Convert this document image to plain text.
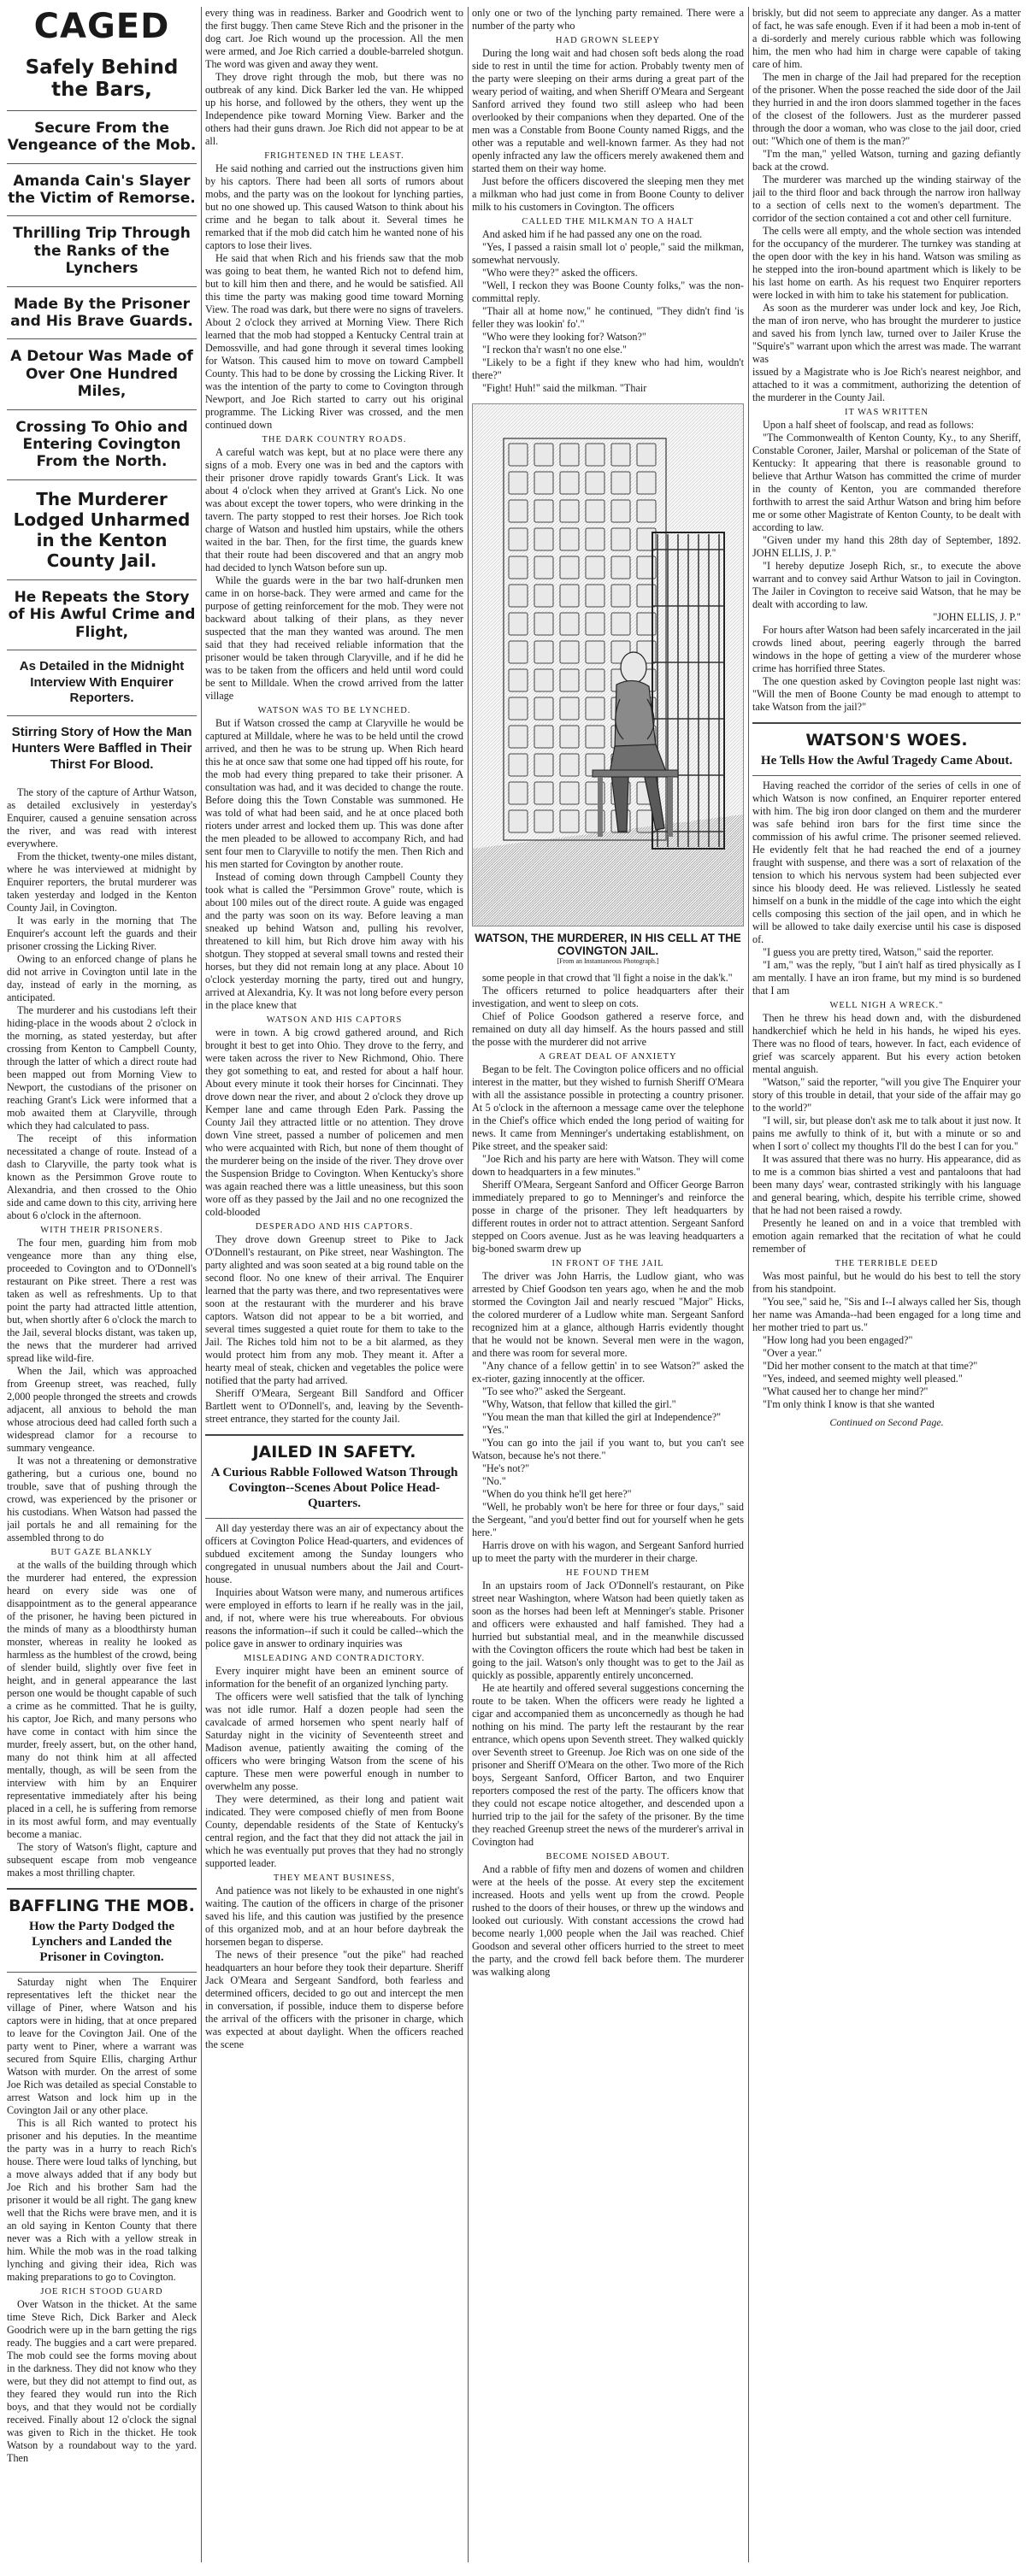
CAGED
Safely Behind the Bars,
Secure From the Vengeance of the Mob.
Amanda Cain's Slayer the Victim of Remorse.
Thrilling Trip Through the Ranks of the Lynchers
Made By the Prisoner and His Brave Guards.
A Detour Was Made of Over One Hundred Miles,
Crossing To Ohio and Entering Covington From the North.
The Murderer Lodged Unharmed in the Kenton County Jail.
He Repeats the Story of His Awful Crime and Flight,
As Detailed in the Midnight Interview With Enquirer Reporters.
Stirring Story of How the Man Hunters Were Baffled in Their Thirst For Blood.

The story of the capture of Arthur Watson, as detailed exclusively in yesterday's Enquirer, caused a genuine sensation across the river, and was read with interest everywhere.

From the thicket, twenty-one miles distant, where he was interviewed at midnight by Enquirer reporters, the brutal murderer was taken yesterday and lodged in the Kenton County Jail, in Covington.

It was early in the morning that The Enquirer's account left the guards and their prisoner crossing the Licking River.

Owing to an enforced change of plans he did not arrive in Covington until late in the day, instead of early in the morning, as anticipated.

The murderer and his custodians left their hiding-place in the woods about 2 o'clock in the morning, as stated yesterday, but after crossing from Kenton to Campbell County, through the latter of which a direct route had been mapped out from Morning View to Newport, the custodians of the prisoner on reaching Grant's Lick were informed that a mob awaited them at Claryville, through which they had calculated to pass.

The receipt of this information necessitated a change of route. Instead of a dash to Claryville, the party took what is known as the Persimmon Grove route to Alexandria, and then crossed to the Ohio side and came down to this city, arriving here about 6 o'clock in the afternoon.

WITH THEIR PRISONERS.

The four men, guarding him from mob vengeance more than any thing else, proceeded to Covington and to O'Donnell's restaurant on Pike street. There a rest was taken as well as refreshments. Up to that point the party had attracted little attention, but, when shortly after 6 o'clock the march to the Jail, several blocks distant, was taken up, the news that the murderer had arrived spread like wild-fire.

When the Jail, which was approached from Greenup street, was reached, fully 2,000 people thronged the streets and crowds adjacent, all anxious to behold the man whose atrocious deed had called forth such a widespread clamor for a recourse to summary vengeance.

It was not a threatening or demonstrative gathering, but a curious one, bound no trouble, save that of pushing through the crowd, was experienced by the prisoner or his custodians. When Watson had passed the jail portals he and all remaining for the assembled throng to do

BUT GAZE BLANKLY

at the walls of the building through which the murderer had entered, the expression heard on every side was one of disappointment as to the general appearance of the prisoner, he having been pictured in the minds of many as a bloodthirsty human monster, whereas in reality he looked as harmless as the humblest of the crowd, being of slender build, slightly over five feet in height, and in general appearance the last person one would be thought capable of such a crime as he committed. That he is guilty, his captor, Joe Rich, and many persons who have come in contact with him since the murder, freely assert, but, on the other hand, many do not think him at all affected mentally, though, as will be seen from the interview with him by an Enquirer representative immediately after his being placed in a cell, he is suffering from remorse in its most awful form, and may eventually become a maniac.

The story of Watson's flight, capture and subsequent escape from mob vengeance makes a most thrilling chapter.

BAFFLING THE MOB.
How the Party Dodged the Lynchers and Landed the Prisoner in Covington.

Saturday night when The Enquirer representatives left the thicket near the village of Piner, where Watson and his captors were in hiding, that at once prepared to leave for the Covington Jail. One of the party went to Piner, where a warrant was secured from Squire Ellis, charging Arthur Watson with murder. On the arrest of some Joe Rich was detailed as special Constable to arrest Watson and lock him up in the Covington Jail or any other place.

This is all Rich wanted to protect his prisoner and his deputies. In the meantime the party was in a hurry to reach Rich's house. There were loud talks of lynching, but a move always added that if any body but Joe Rich and his brother Sam had the prisoner it would be all right. The gang knew well that the Richs were brave men, and it is an old saying in Kenton County that there never was a Rich with a yellow streak in him. While the mob was in the road talking lynching and giving their idea, Rich was making preparations to go to Covington.

JOE RICH STOOD GUARD

Over Watson in the thicket. At the same time Steve Rich, Dick Barker and Aleck Goodrich were up in the barn getting the rigs ready. The buggies and a cart were prepared. The mob could see the forms moving about in the darkness. They did not know who they were, but they did not attempt to find out, as they feared they would run into the Rich boys, and that they would not be cordially received. Finally about 12 o'clock the signal was given to Rich in the thicket. He took Watson by a roundabout way to the yard. Then

every thing was in readiness. Barker and Goodrich went to the first buggy. Then came Steve Rich and the prisoner in the dog cart. Joe Rich wound up the procession. All the men were armed, and Joe Rich carried a double-barreled shotgun. The word was given and away they went.

They drove right through the mob, but there was no outbreak of any kind. Dick Barker led the van. He whipped up his horse, and followed by the others, they went up the Independence pike toward Morning View. Barker and the others had their guns drawn. Joe Rich did not appear to be at all.

FRIGHTENED IN THE LEAST.

He said nothing and carried out the instructions given him by his captors. There had been all sorts of rumors about mobs, and the party was on the lookout for lynching parties, but no one showed up. This caused Watson to think about his crime and he began to talk about it. Several times he remarked that if the mob did catch him he wanted none of his captors to lose their lives.

He said that when Rich and his friends saw that the mob was going to beat them, he wanted Rich not to defend him, but to kill him then and there, and he would be satisfied. All this time the party was making good time toward Morning View. The road was dark, but there were no signs of travelers. About 2 o'clock they arrived at Morning View. There Rich learned that the mob had stopped a Kentucky Central train at Demossville, and had gone through it several times looking for Watson. This caused him to move on toward Campbell County. This had to be done by crossing the Licking River. It was the intention of the party to come to Covington through Newport, and Joe Rich started to carry out his original programme. The Licking River was crossed, and the men continued down

THE DARK COUNTRY ROADS.

A careful watch was kept, but at no place were there any signs of a mob. Every one was in bed and the captors with their prisoner drove rapidly towards Grant's Lick. It was about 4 o'clock when they arrived at Grant's Lick. No one was about except the tower topers, who were drinking in the tavern. The party stopped to rest their horses. Joe Rich took charge of Watson and hustled him upstairs, while the others waited in the bar. Then, for the first time, the guards knew that their route had been discovered and that an angry mob had decided to lynch Watson before sun up.

While the guards were in the bar two half-drunken men came in on horse-back. They were armed and came for the purpose of getting reinforcement for the mob. They were not backward about talking of their plans, as they never suspected that the man they wanted was around. The men said that they had received reliable information that the prisoner would be taken through Claryville, and if he did he was to be taken from the officers and held until word could be sent to Milldale. When the crowd arrived from the latter village

WATSON WAS TO BE LYNCHED.

But if Watson crossed the camp at Claryville he would be captured at Milldale, where he was to be held until the crowd arrived, and then he was to be strung up. When Rich heard this he at once saw that some one had tipped off his route, for the mob had every thing prepared to take their prisoner. A consultation was had, and it was decided to change the route. Before doing this the Town Constable was summoned. He was told of what had been said, and he at once placed both rioters under arrest and locked them up. This was done after the men pleaded to be allowed to accompany Rich, and had sent four men to Claryville to notify the men. Then Rich and his men started for Covington by another route.

Instead of coming down through Campbell County they took what is called the "Persimmon Grove" route, which is about 100 miles out of the direct route. A guide was engaged and the party was soon on its way. Before leaving a man sneaked up behind Watson and, pulling his revolver, threatened to kill him, but Rich drove him away with his shotgun. They stopped at several small towns and rested their horses, but they did not remain long at any place. About 10 o'clock yesterday morning the party, tired out and hungry, arrived at Alexandria, Ky. It was not long before every person in the place knew that

WATSON AND HIS CAPTORS

were in town. A big crowd gathered around, and Rich brought it best to get into Ohio. They drove to the ferry, and were taken across the river to New Richmond, Ohio. There they got something to eat, and rested for about a half hour. About every minute it took their horses for Cincinnati. They drove down near the river, and about 2 o'clock they drove up Kemper lane and came through Eden Park. Passing the County Jail they attracted little or no attention. They drove down Vine street, passed a number of policemen and men who were acquainted with Rich, but none of them thought of the murderer being on the inside of the river. They drove over the Suspension Bridge to Covington. When Kentucky's shore was again reached there was a little uneasiness, but this soon wore off as they passed by the Jail and no one recognized the cold-blooded

DESPERADO AND HIS CAPTORS.

They drove down Greenup street to Pike to Jack O'Donnell's restaurant, on Pike street, near Washington. The party alighted and was soon seated at a big round table on the second floor. No one knew of their arrival. The Enquirer learned that the party was there, and two representatives were soon at the restaurant with the murderer and his brave captors. Watson did not appear to be a bit worried, and several times suggested a quiet route for them to take to the Jail. The Riches told him not to be a bit alarmed, as they would protect him from any mob. They meant it. After a hearty meal of steak, chicken and vegetables the police were notified that the party had arrived.

Sheriff O'Meara, Sergeant Bill Sandford and Officer Bartlett went to O'Donnell's, and, leaving by the Seventh-street entrance, they started for the county Jail.

JAILED IN SAFETY.
A Curious Rabble Followed Watson Through Covington--Scenes About Police Head-Quarters.

All day yesterday there was an air of expectancy about the officers at Covington Police Head-quarters, and evidences of subdued excitement among the Sunday loungers who congregated in unusual numbers about the Jail and Court-house.

Inquiries about Watson were many, and numerous artifices were employed in efforts to learn if he really was in the jail, and, if not, where were his true whereabouts. For obvious reasons the information--if such it could be called--which the police gave in answer to ordinary inquiries was

MISLEADING AND CONTRADICTORY.

Every inquirer might have been an eminent source of information for the benefit of an organized lynching party.

The officers were well satisfied that the talk of lynching was not idle rumor. Half a dozen people had seen the cavalcade of armed horsemen who spent nearly half of Saturday night in the vicinity of Seventeenth street and Madison avenue, patiently awaiting the coming of the officers who were bringing Watson from the scene of his capture. These men were powerful enough in number to overwhelm any posse.

They were determined, as their long and patient wait indicated. They were composed chiefly of men from Boone County, dependable residents of the State of Kentucky's central region, and the fact that they did not attack the jail in which he was eventually put proves that they had no strongly supported leader.

THEY MEANT BUSINESS,

And patience was not likely to be exhausted in one night's waiting. The caution of the officers in charge of the prisoner saved his life, and this caution was justified by the presence of this organized mob, and at an hour before daybreak the horsemen began to disperse.

The news of their presence "out the pike" had reached headquarters an hour before they took their departure. Sheriff Jack O'Meara and Sergeant Sandford, both fearless and determined officers, decided to go out and intercept the men in conversation, if possible, induce them to disperse before the arrival of the officers with the prisoner in charge, which was expected at about daylight. When the officers reached the scene

only one or two of the lynching party remained. There were a number of the party who

HAD GROWN SLEEPY

During the long wait and had chosen soft beds along the road side to rest in until the time for action. Probably twenty men of the party were sleeping on their arms during a great part of the weary period of waiting, and when Sheriff O'Meara and Sergeant Sanford arrived they found two still asleep who had been overlooked by their companions when they departed. One of the men was a Constable from Boone County named Riggs, and the other was a reputable and well-known farmer. As they had not openly infracted any law the officers merely awakened them and started them on their way home.

Just before the officers discovered the sleeping men they met a milkman who had just come in from Boone County to deliver milk to his customers in Covington. The officers

CALLED THE MILKMAN TO A HALT

And asked him if he had passed any one on the road.

"Yes, I passed a raisin small lot o' people," said the milkman, somewhat nervously.

"Who were they?" asked the officers.

"Well, I reckon they was Boone County folks," was the non-committal reply.

"Thair all at home now," he continued, "They didn't find 'is feller they was lookin' fo'."

"Who were they looking for? Watson?"

"I reckon tha'r wasn't no one else."

"Likely to be a fight if they knew who had him, wouldn't there?"

"Fight! Huh!" said the milkman. "Thair

WATSON, THE MURDERER, IN HIS CELL AT THE COVINGTON JAIL.
[From an Instantaneous Photograph.]

some people in that crowd that 'll fight a noise in the dak'k."

The officers returned to police headquarters after their investigation, and went to sleep on cots.

Chief of Police Goodson gathered a reserve force, and remained on duty all day himself. As the hours passed and still the posse with the murderer did not arrive

A GREAT DEAL OF ANXIETY

Began to be felt. The Covington police officers and no official interest in the matter, but they wished to furnish Sheriff O'Meara with all the assistance possible in protecting a country prisoner. At 5 o'clock in the afternoon a message came over the telephone in the Chief's office which ended the long period of waiting for news. It came from Menninger's undertaking establishment, on Pike street, and the speaker said:

"Joe Rich and his party are here with Watson. They will come down to headquarters in a few minutes."

Sheriff O'Meara, Sergeant Sanford and Officer George Barron immediately prepared to go to Menninger's and reinforce the posse in charge of the prisoner. They left headquarters by different routes in order not to attract attention. Sergeant Sanford stepped on Coors avenue. Just as he was leaving headquarters a big-boned swarm drew up

IN FRONT OF THE JAIL

The driver was John Harris, the Ludlow giant, who was arrested by Chief Goodson ten years ago, when he and the mob stormed the Covington Jail and nearly rescued "Major" Hicks, the colored murderer of a Ludlow white man. Sergeant Sanford recognized him at a glance, although Harris evidently thought that he would not be known. Several men were in the wagon, and there was room for several more.

"Any chance of a fellow gettin' in to see Watson?" asked the ex-rioter, gazing innocently at the officer.

"To see who?" asked the Sergeant.

"Why, Watson, that fellow that killed the girl."

"You mean the man that killed the girl at Independence?"

"Yes."

"You can go into the jail if you want to, but you can't see Watson, because he's not there."

"He's not?"

"No."

"When do you think he'll get here?"

"Well, he probably won't be here for three or four days," said the Sergeant, "and you'd better find out for yourself when he gets here."

Harris drove on with his wagon, and Sergeant Sanford hurried up to meet the party with the murderer in their charge.

HE FOUND THEM

In an upstairs room of Jack O'Donnell's restaurant, on Pike street near Washington, where Watson had been quietly taken as soon as the horses had been left at Menninger's stable. Prisoner and officers were exhausted and half famished. They had a hurried but substantial meal, and in the meanwhile discussed with the Covington officers the route which had best be taken in going to the jail. Watson's only thought was to get to the Jail as quickly as possible, apparently entirely unconcerned.

He ate heartily and offered several suggestions concerning the route to be taken. When the officers were ready he lighted a cigar and accompanied them as unconcernedly as though he had nothing on his mind. The party left the restaurant by the rear entrance, which opens upon Seventh street. They walked quickly over Seventh street to Greenup. Joe Rich was on one side of the prisoner and Sheriff O'Meara on the other. Two more of the Rich boys, Sergeant Sanford, Officer Barton, and two Enquirer reporters composed the rest of the party. The officers know that they could not escape notice altogether, and descended upon a hurried trip to the jail for the safety of the prisoner. By the time they reached Greenup street the news of the murderer's arrival in Covington had

BECOME NOISED ABOUT.

And a rabble of fifty men and dozens of women and children were at the heels of the posse. At every step the excitement increased. Hoots and yells went up from the crowd. People rushed to the doors of their houses, or threw up the windows and looked out curiously. With constant accessions the crowd had become nearly 1,000 people when the Jail was reached. Chief Goodson and several other officers hurried to the street to meet the party, and the crowd fell back before them. The murderer was walking along

briskly, but did not seem to appreciate any danger. As a matter of fact, he was safe enough. Even if it had been a mob in-tent of a di-sorderly and merely curious rabble which was following him, the men who had him in charge were capable of taking care of him.

The men in charge of the Jail had prepared for the reception of the prisoner. When the posse reached the side door of the Jail they hurried in and the iron doors slammed together in the faces of the closest of the followers. Just as the murderer passed through the door a woman, who was close to the jail door, cried out: "Which one of them is the man?"

"I'm the man," yelled Watson, turning and gazing defiantly back at the crowd.

The murderer was marched up the winding stairway of the jail to the third floor and back through the narrow iron hallway to a section of cells next to the women's department. The corridor of the section contained a cot and other cell furniture.

The cells were all empty, and the whole section was intended for the occupancy of the murderer. The turnkey was standing at the open door with the key in his hand. Watson was smiling as he stepped into the iron-bound apartment which is likely to be his last home on earth. As his request two Enquirer reporters were locked in with him to take his statement for publication.

As soon as the murderer was under lock and key, Joe Rich, the man of iron nerve, who has brought the murderer to justice and saved his from lynch law, turned over to Jailer Kruse the "Squire's" warrant upon which the arrest was made. The warrant was

issued by a Magistrate who is Joe Rich's nearest neighbor, and attached to it was a commitment, authorizing the detention of the murderer in the County Jail.

IT WAS WRITTEN

Upon a half sheet of foolscap, and read as follows:

"The Commonwealth of Kenton County, Ky., to any Sheriff, Constable Coroner, Jailer, Marshal or policeman of the State of Kentucky: It appearing that there is reasonable ground to believe that Arthur Watson has committed the crime of murder in the county of Kenton, you are commanded therefore forthwith to arrest the said Arthur Watson and bring him before me or some other Magistrate of Kenton County, to be dealt with according to law.

"Given under my hand this 28th day of September, 1892. JOHN ELLIS, J. P."

"I hereby deputize Joseph Rich, sr., to execute the above warrant and to convey said Arthur Watson to jail in Covington. The Jailer in Covington to receive said Watson, that he may be dealt with according to law.

"JOHN ELLIS, J. P."

For hours after Watson had been safely incarcerated in the jail crowds lined about, peering eagerly through the barred windows in the hope of getting a view of the murderer whose crime has horrified three States.

The one question asked by Covington people last night was: "Will the men of Boone County be mad enough to attempt to take Watson from the jail?"

WATSON'S WOES.
He Tells How the Awful Tragedy Came About.

Having reached the corridor of the series of cells in one of which Watson is now confined, an Enquirer reporter entered with him. The big iron door clanged on them and the murderer was safe behind iron bars for the first time since the commission of his awful crime. The prisoner seemed relieved. He evidently felt that he had reached the end of a journey fraught with suspense, and there was a sort of relaxation of the tension to which his nervous system had been subjected ever since his bloody deed. He was relieved. Listlessly he seated himself on a bunk in the middle of the cage into which the eight cells composing this section of the jail open, and in which he will be allowed to take daily exercise until his case is disposed of.

"I guess you are pretty tired, Watson," said the reporter.

"I am," was the reply, "but I ain't half as tired physically as I am mentally. I have an iron frame, but my mind is so burdened that I am

WELL NIGH A WRECK."

Then he threw his head down and, with the disburdened handkerchief which he held in his hands, he wiped his eyes. There was no flood of tears, however. In fact, each evidence of grief was scarcely apparent. But his every action betoken mental anguish.

"Watson," said the reporter, "will you give The Enquirer your story of this trouble in detail, that your side of the affair may go to the world?"

"I will, sir, but please don't ask me to talk about it just now. It pains me awfully to think of it, but with a minute or so and when I sort o' collect my thoughts I'll do the best I can for you."

It was assured that there was no hurry. His appearance, did as to me is a common bias shirted a vest and pantaloons that had been many days' wear, contrasted strikingly with his language and general bearing, which, despite his terrible crime, showed that he had not been raised a rowdy.

Presently he leaned on and in a voice that trembled with emotion again remarked that the recitation of what he could remember of

THE TERRIBLE DEED

Was most painful, but he would do his best to tell the story from his standpoint.

"You see," said he, "Sis and I--I always called her Sis, though her name was Amanda--had been engaged for a long time and her mother tried to part us."

"How long had you been engaged?"

"Over a year."

"Did her mother consent to the match at that time?"

"Yes, indeed, and seemed mighty well pleased."

"What caused her to change her mind?"

"I'm only think I know is that she wanted

Continued on Second Page.
